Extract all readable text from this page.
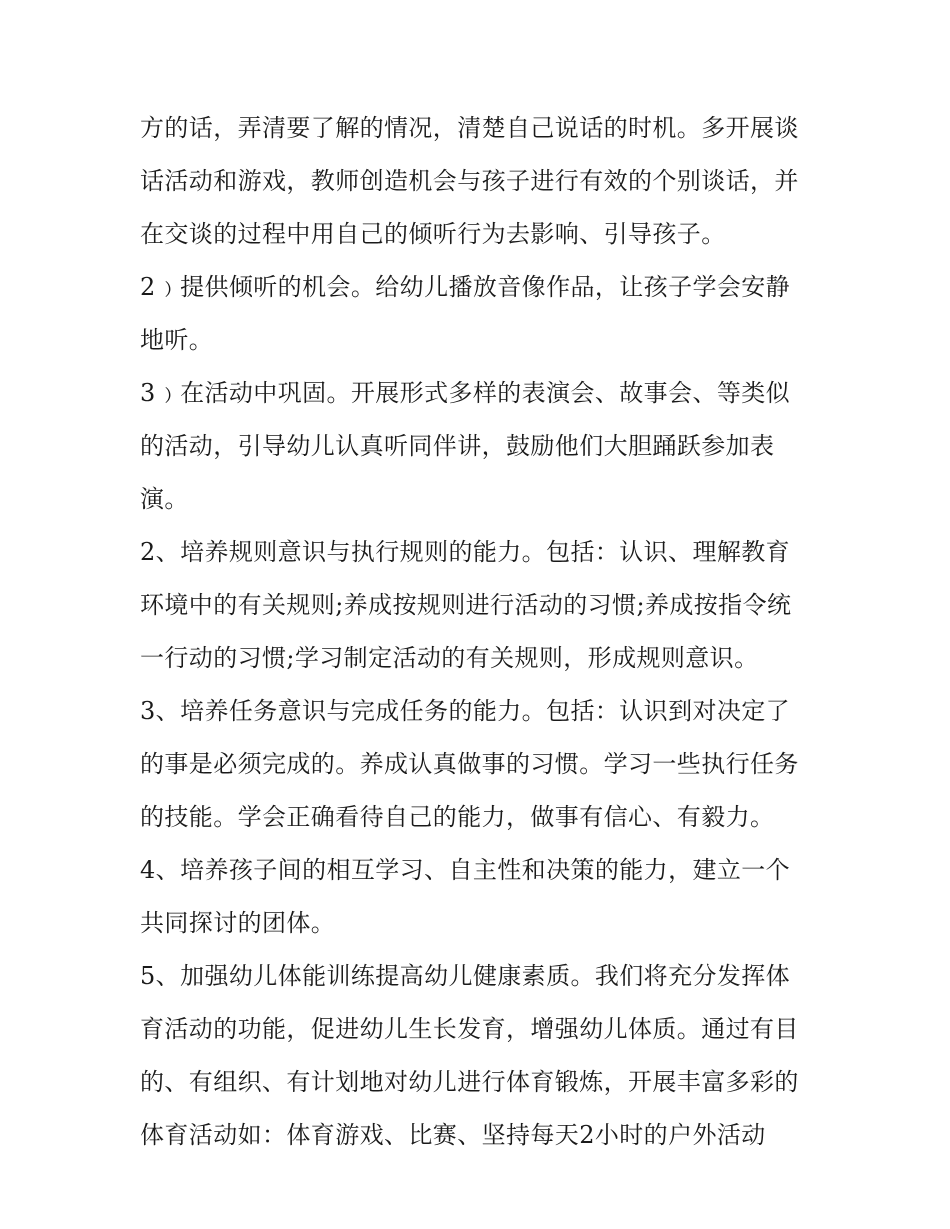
方的话，弄清要了解的情况，清楚自己说话的时机。多开展谈
话活动和游戏，教师创造机会与孩子进行有效的个别谈话，并
在交谈的过程中用自己的倾听行为去影响、引导孩子。
2﹚提供倾听的机会。给幼儿播放音像作品，让孩子学会安静
地听。
3﹚在活动中巩固。开展形式多样的表演会、故事会、等类似
的活动，引导幼儿认真听同伴讲，鼓励他们大胆踊跃参加表
演。
2、培养规则意识与执行规则的能力。包括：认识、理解教育
环境中的有关规则;养成按规则进行活动的习惯;养成按指令统
一行动的习惯;学习制定活动的有关规则，形成规则意识。
3、培养任务意识与完成任务的能力。包括：认识到对决定了
的事是必须完成的。养成认真做事的习惯。学习一些执行任务
的技能。学会正确看待自己的能力，做事有信心、有毅力。
4、培养孩子间的相互学习、自主性和决策的能力，建立一个
共同探讨的团体。
5、加强幼儿体能训练提高幼儿健康素质。我们将充分发挥体
育活动的功能，促进幼儿生长发育，增强幼儿体质。通过有目
的、有组织、有计划地对幼儿进行体育锻炼，开展丰富多彩的
体育活动如：体育游戏、比赛、坚持每天2小时的户外活动
